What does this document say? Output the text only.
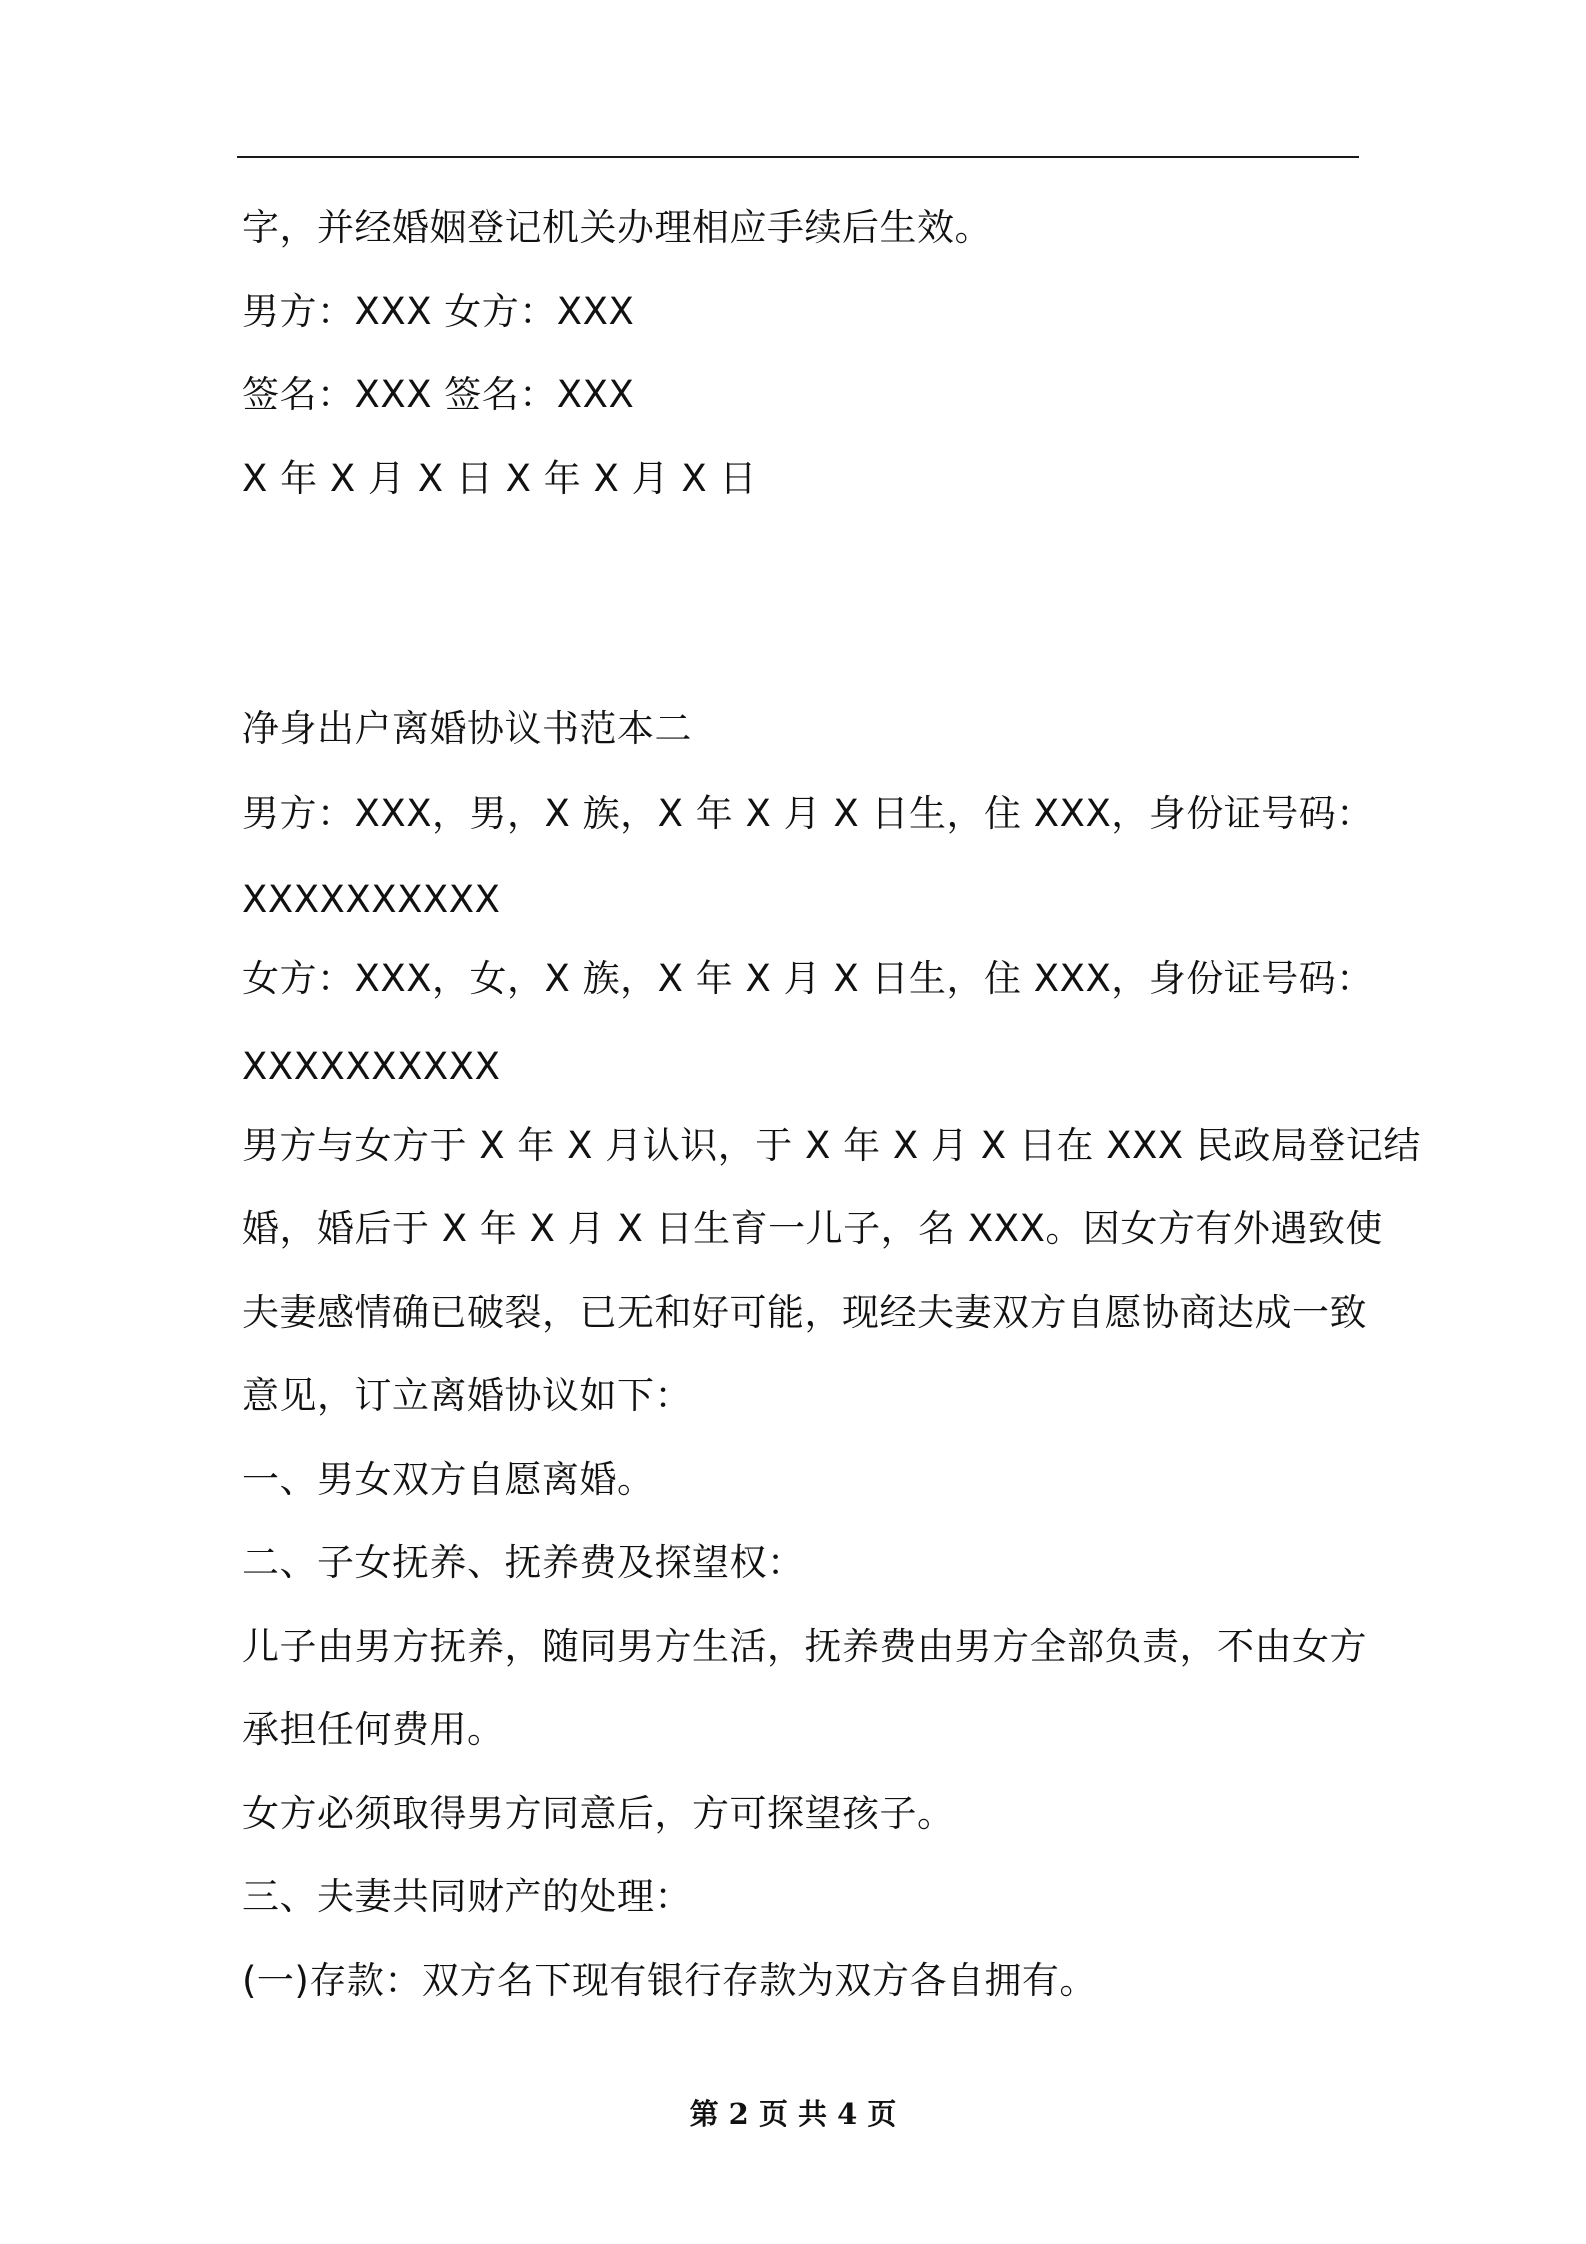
字，并经婚姻登记机关办理相应手续后生效。
男方：XXX 女方：XXX
签名：XXX 签名：XXX
X 年 X 月 X 日 X 年 X 月 X 日
净身出户离婚协议书范本二
男方：XXX，男，X 族，X 年 X 月 X 日生，住 XXX，身份证号码：
XXXXXXXXXX
女方：XXX，女，X 族，X 年 X 月 X 日生，住 XXX，身份证号码：
XXXXXXXXXX
男方与女方于 X 年 X 月认识，于 X 年 X 月 X 日在 XXX 民政局登记结
婚，婚后于 X 年 X 月 X 日生育一儿子，名 XXX。因女方有外遇致使
夫妻感情确已破裂，已无和好可能，现经夫妻双方自愿协商达成一致
意见，订立离婚协议如下：
一、男女双方自愿离婚。
二、子女抚养、抚养费及探望权：
儿子由男方抚养，随同男方生活，抚养费由男方全部负责，不由女方
承担任何费用。
女方必须取得男方同意后，方可探望孩子。
三、夫妻共同财产的处理：
(一)存款：双方名下现有银行存款为双方各自拥有。
第 2 页 共 4 页
